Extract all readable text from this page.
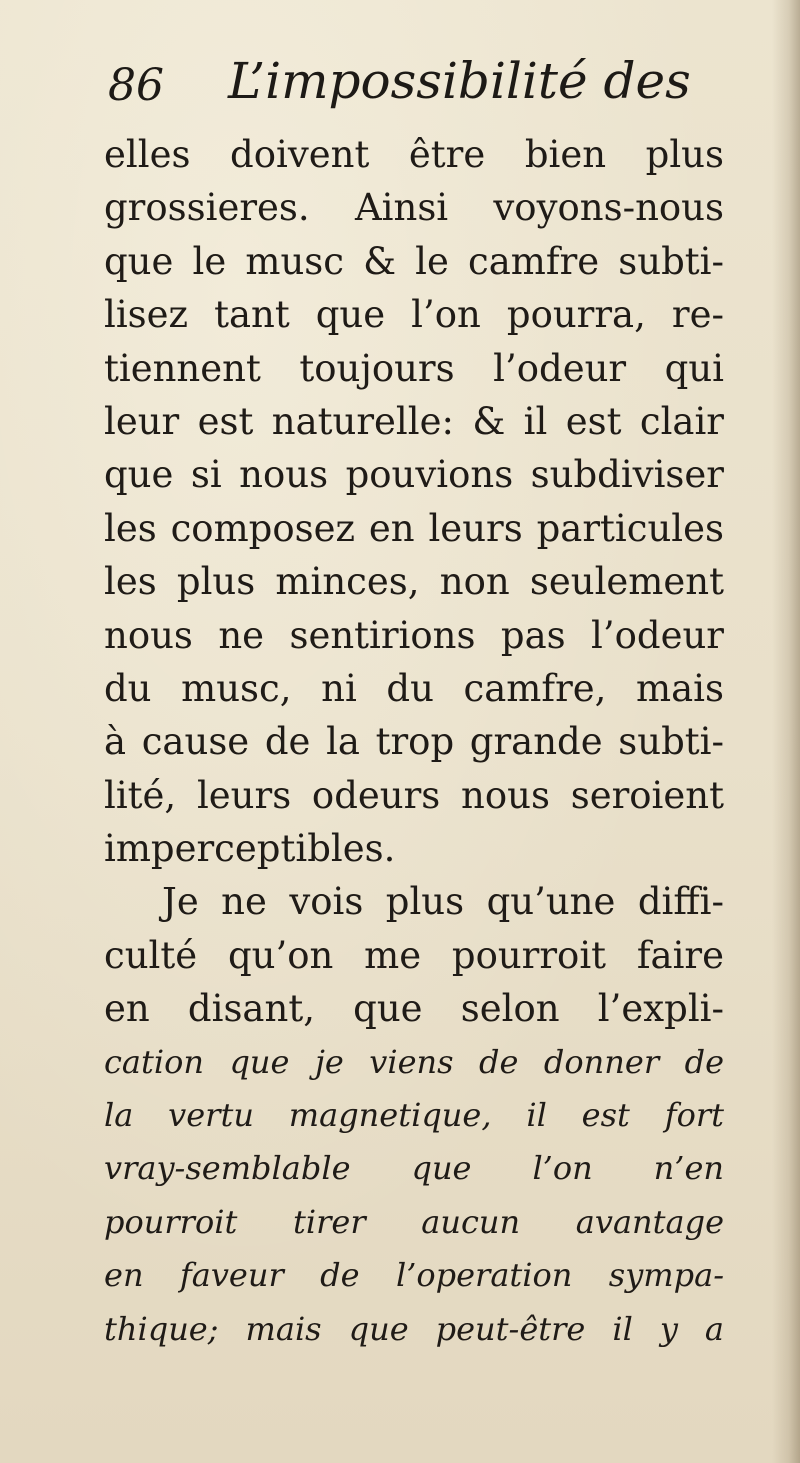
86 L’impossibilité des
elles doivent être bien plus
grossieres. Ainsi voyons-nous
que le musc & le camfre subti-
lisez tant que l’on pourra, re-
tiennent toujours l’odeur qui
leur est naturelle: & il est clair
que si nous pouvions subdiviser
les composez en leurs particules
les plus minces, non seulement
nous ne sentirions pas l’odeur
du musc, ni du camfre, mais
à cause de la trop grande subti-
lité, leurs odeurs nous seroient
imperceptibles.
Je ne vois plus qu’une diffi-
culté qu’on me pourroit faire
en disant, que selon l’expli-
cation que je viens de donner de
la vertu magnetique, il est fort
vray-semblable que l’on n’en
pourroit tirer aucun avantage
en faveur de l’operation sympa-
thique; mais que peut-être il y a
